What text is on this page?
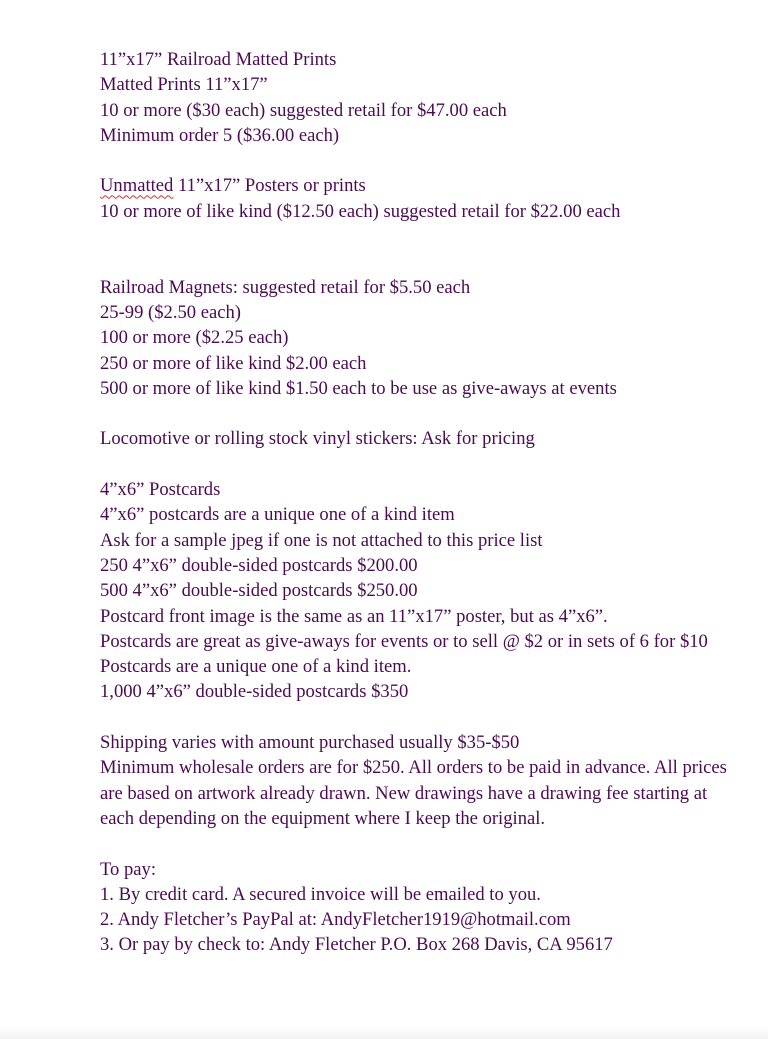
11”x17” Railroad Matted Prints
Matted Prints 11”x17”
10 or more ($30 each) suggested retail for $47.00 each
Minimum order 5 ($36.00 each)
Unmatted 11”x17” Posters or prints
10 or more of like kind ($12.50 each) suggested retail for $22.00 each
Railroad Magnets: suggested retail for $5.50 each
25-99 ($2.50 each)
100 or more ($2.25 each)
250 or more of like kind $2.00 each
500 or more of like kind $1.50 each to be use as give-aways at events
Locomotive or rolling stock vinyl stickers: Ask for pricing
4”x6” Postcards
4”x6” postcards are a unique one of a kind item
Ask for a sample jpeg if one is not attached to this price list
250 4”x6” double-sided postcards $200.00
500 4”x6” double-sided postcards $250.00
Postcard front image is the same as an 11”x17” poster, but as 4”x6”.
Postcards are great as give-aways for events or to sell @ $2 or in sets of 6 for $10
Postcards are a unique one of a kind item.
1,000 4”x6” double-sided postcards $350
Shipping varies with amount purchased usually $35-$50
Minimum wholesale orders are for $250. All orders to be paid in advance. All prices
are based on artwork already drawn. New drawings have a drawing fee starting at
each depending on the equipment where I keep the original.
To pay:
1. By credit card. A secured invoice will be emailed to you.
2. Andy Fletcher’s PayPal at: AndyFletcher1919@hotmail.com
3. Or pay by check to: Andy Fletcher P.O. Box 268 Davis, CA 95617
